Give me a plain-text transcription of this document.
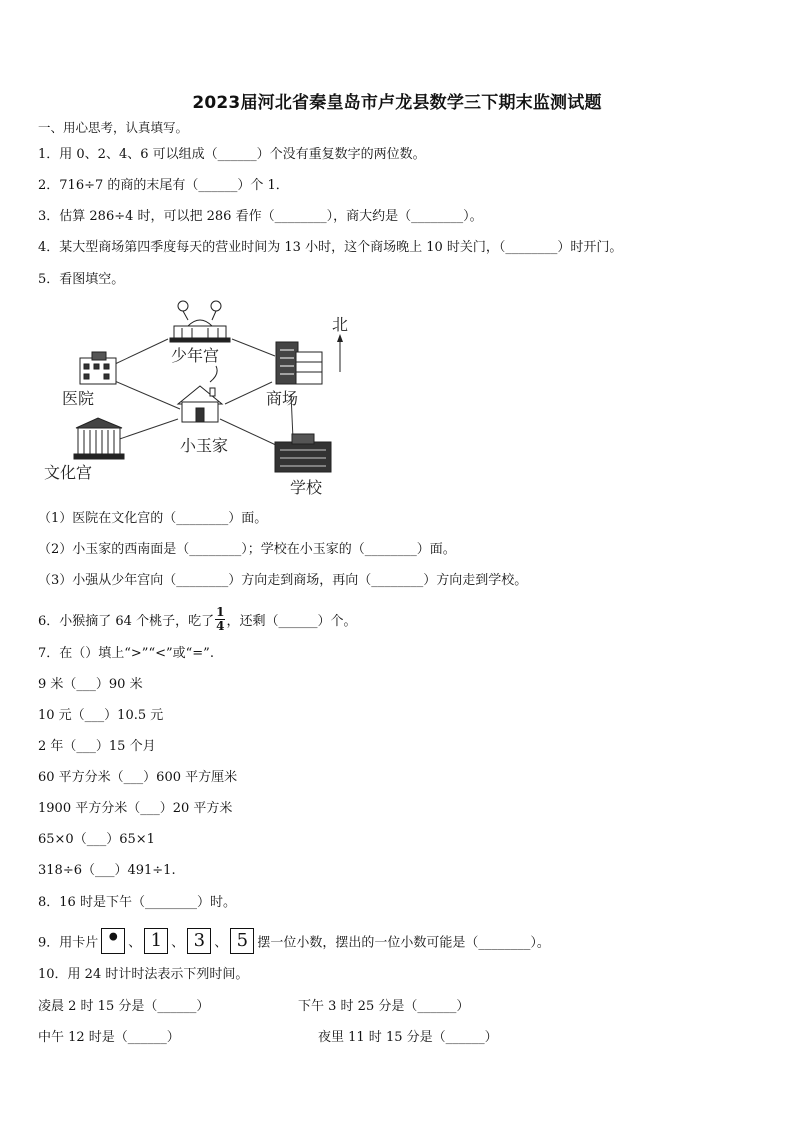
2023届河北省秦皇岛市卢龙县数学三下期末监测试题
一、用心思考，认真填写。
1．用 0、2、4、6 可以组成（______）个没有重复数字的两位数。
2．716÷7 的商的末尾有（______）个 1．
3．估算 286÷4 时，可以把 286 看作（________），商大约是（________）。
4．某大型商场第四季度每天的营业时间为 13 小时，这个商场晚上 10 时关门，（________）时开门。
5．看图填空。
少年宫
医院	商场
北
小玉家
文化宫
学校
（1）医院在文化宫的（________）面。
（2）小玉家的西南面是（________）；学校在小玉家的（________）面。
（3）小强从少年宫向（________）方向走到商场，再向（________）方向走到学校。
6．小猴摘了 64 个桃子，吃了 $\frac{1}{4}$ ，还剩（______）个。
7．在（）填上“>”“<”或“=”.
9 米（___）90 米
10 元（___）10.5 元
2 年（___）15 个月
60 平方分米（___）600 平方厘米
1900 平方分米（___）20 平方米
65×0（___）65×1
318÷6（___）491÷1.
8．16 时是下午（________）时。
9．用卡片 • 、 1 、 3 、 5 摆一位小数，摆出的一位小数可能是（________）。
10．用 24 时计时法表示下列时间。
凌晨 2 时 15 分是（______）	下午 3 时 25 分是（______）
中午 12 时是（______）	夜里 11 时 15 分是（______）
